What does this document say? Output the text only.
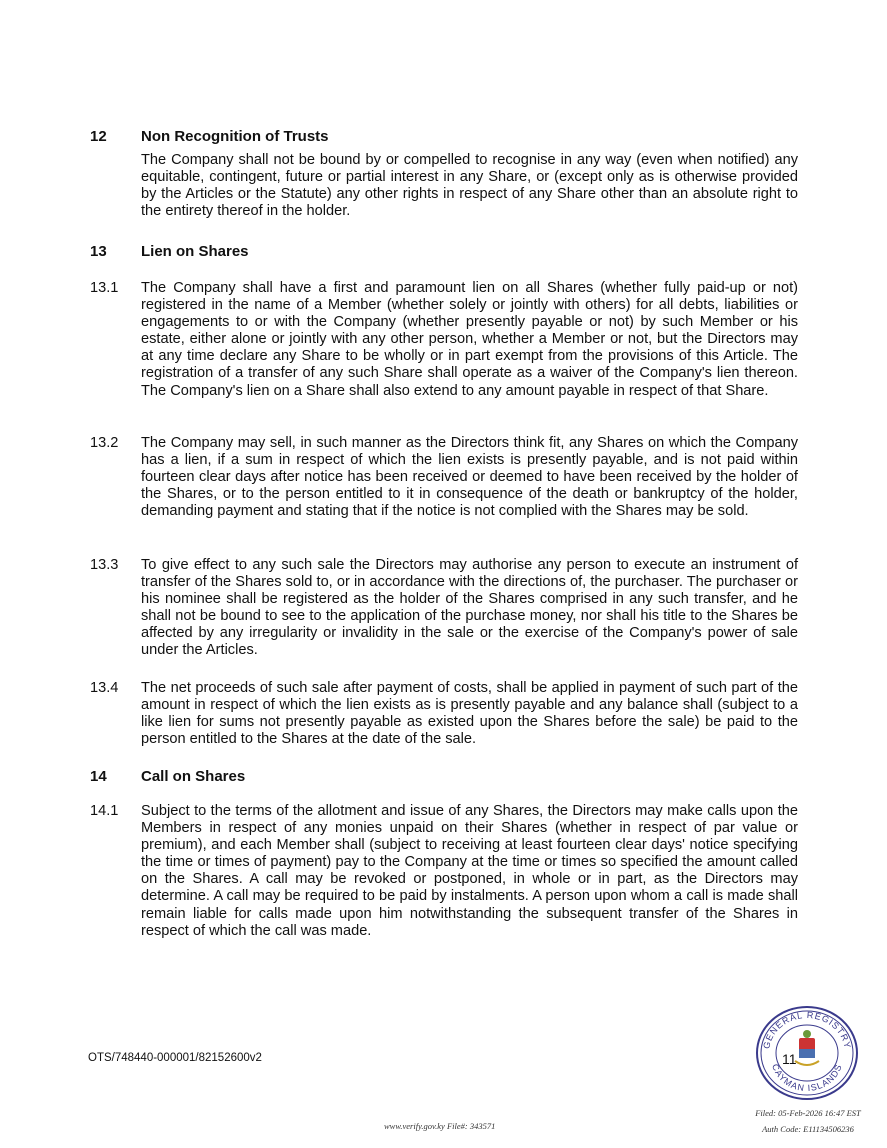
12 Non Recognition of Trusts
The Company shall not be bound by or compelled to recognise in any way (even when notified) any equitable, contingent, future or partial interest in any Share, or (except only as is otherwise provided by the Articles or the Statute) any other rights in respect of any Share other than an absolute right to the entirety thereof in the holder.
13 Lien on Shares
13.1 The Company shall have a first and paramount lien on all Shares (whether fully paid-up or not) registered in the name of a Member (whether solely or jointly with others) for all debts, liabilities or engagements to or with the Company (whether presently payable or not) by such Member or his estate, either alone or jointly with any other person, whether a Member or not, but the Directors may at any time declare any Share to be wholly or in part exempt from the provisions of this Article. The registration of a transfer of any such Share shall operate as a waiver of the Company's lien thereon. The Company's lien on a Share shall also extend to any amount payable in respect of that Share.
13.2 The Company may sell, in such manner as the Directors think fit, any Shares on which the Company has a lien, if a sum in respect of which the lien exists is presently payable, and is not paid within fourteen clear days after notice has been received or deemed to have been received by the holder of the Shares, or to the person entitled to it in consequence of the death or bankruptcy of the holder, demanding payment and stating that if the notice is not complied with the Shares may be sold.
13.3 To give effect to any such sale the Directors may authorise any person to execute an instrument of transfer of the Shares sold to, or in accordance with the directions of, the purchaser. The purchaser or his nominee shall be registered as the holder of the Shares comprised in any such transfer, and he shall not be bound to see to the application of the purchase money, nor shall his title to the Shares be affected by any irregularity or invalidity in the sale or the exercise of the Company's power of sale under the Articles.
13.4 The net proceeds of such sale after payment of costs, shall be applied in payment of such part of the amount in respect of which the lien exists as is presently payable and any balance shall (subject to a like lien for sums not presently payable as existed upon the Shares before the sale) be paid to the person entitled to the Shares at the date of the sale.
14 Call on Shares
14.1 Subject to the terms of the allotment and issue of any Shares, the Directors may make calls upon the Members in respect of any monies unpaid on their Shares (whether in respect of par value or premium), and each Member shall (subject to receiving at least fourteen clear days' notice specifying the time or times of payment) pay to the Company at the time or times so specified the amount called on the Shares. A call may be revoked or postponed, in whole or in part, as the Directors may determine. A call may be required to be paid by instalments. A person upon whom a call is made shall remain liable for calls made upon him notwithstanding the subsequent transfer of the Shares in respect of which the call was made.
OTS/748440-000001/82152600v2
GENERAL REGISTRY
CAYMAN ISLANDS
11
Filed: 05-Feb-2026 16:47 EST
Auth Code: E11134506236
www.verify.gov.ky File#: 343571
